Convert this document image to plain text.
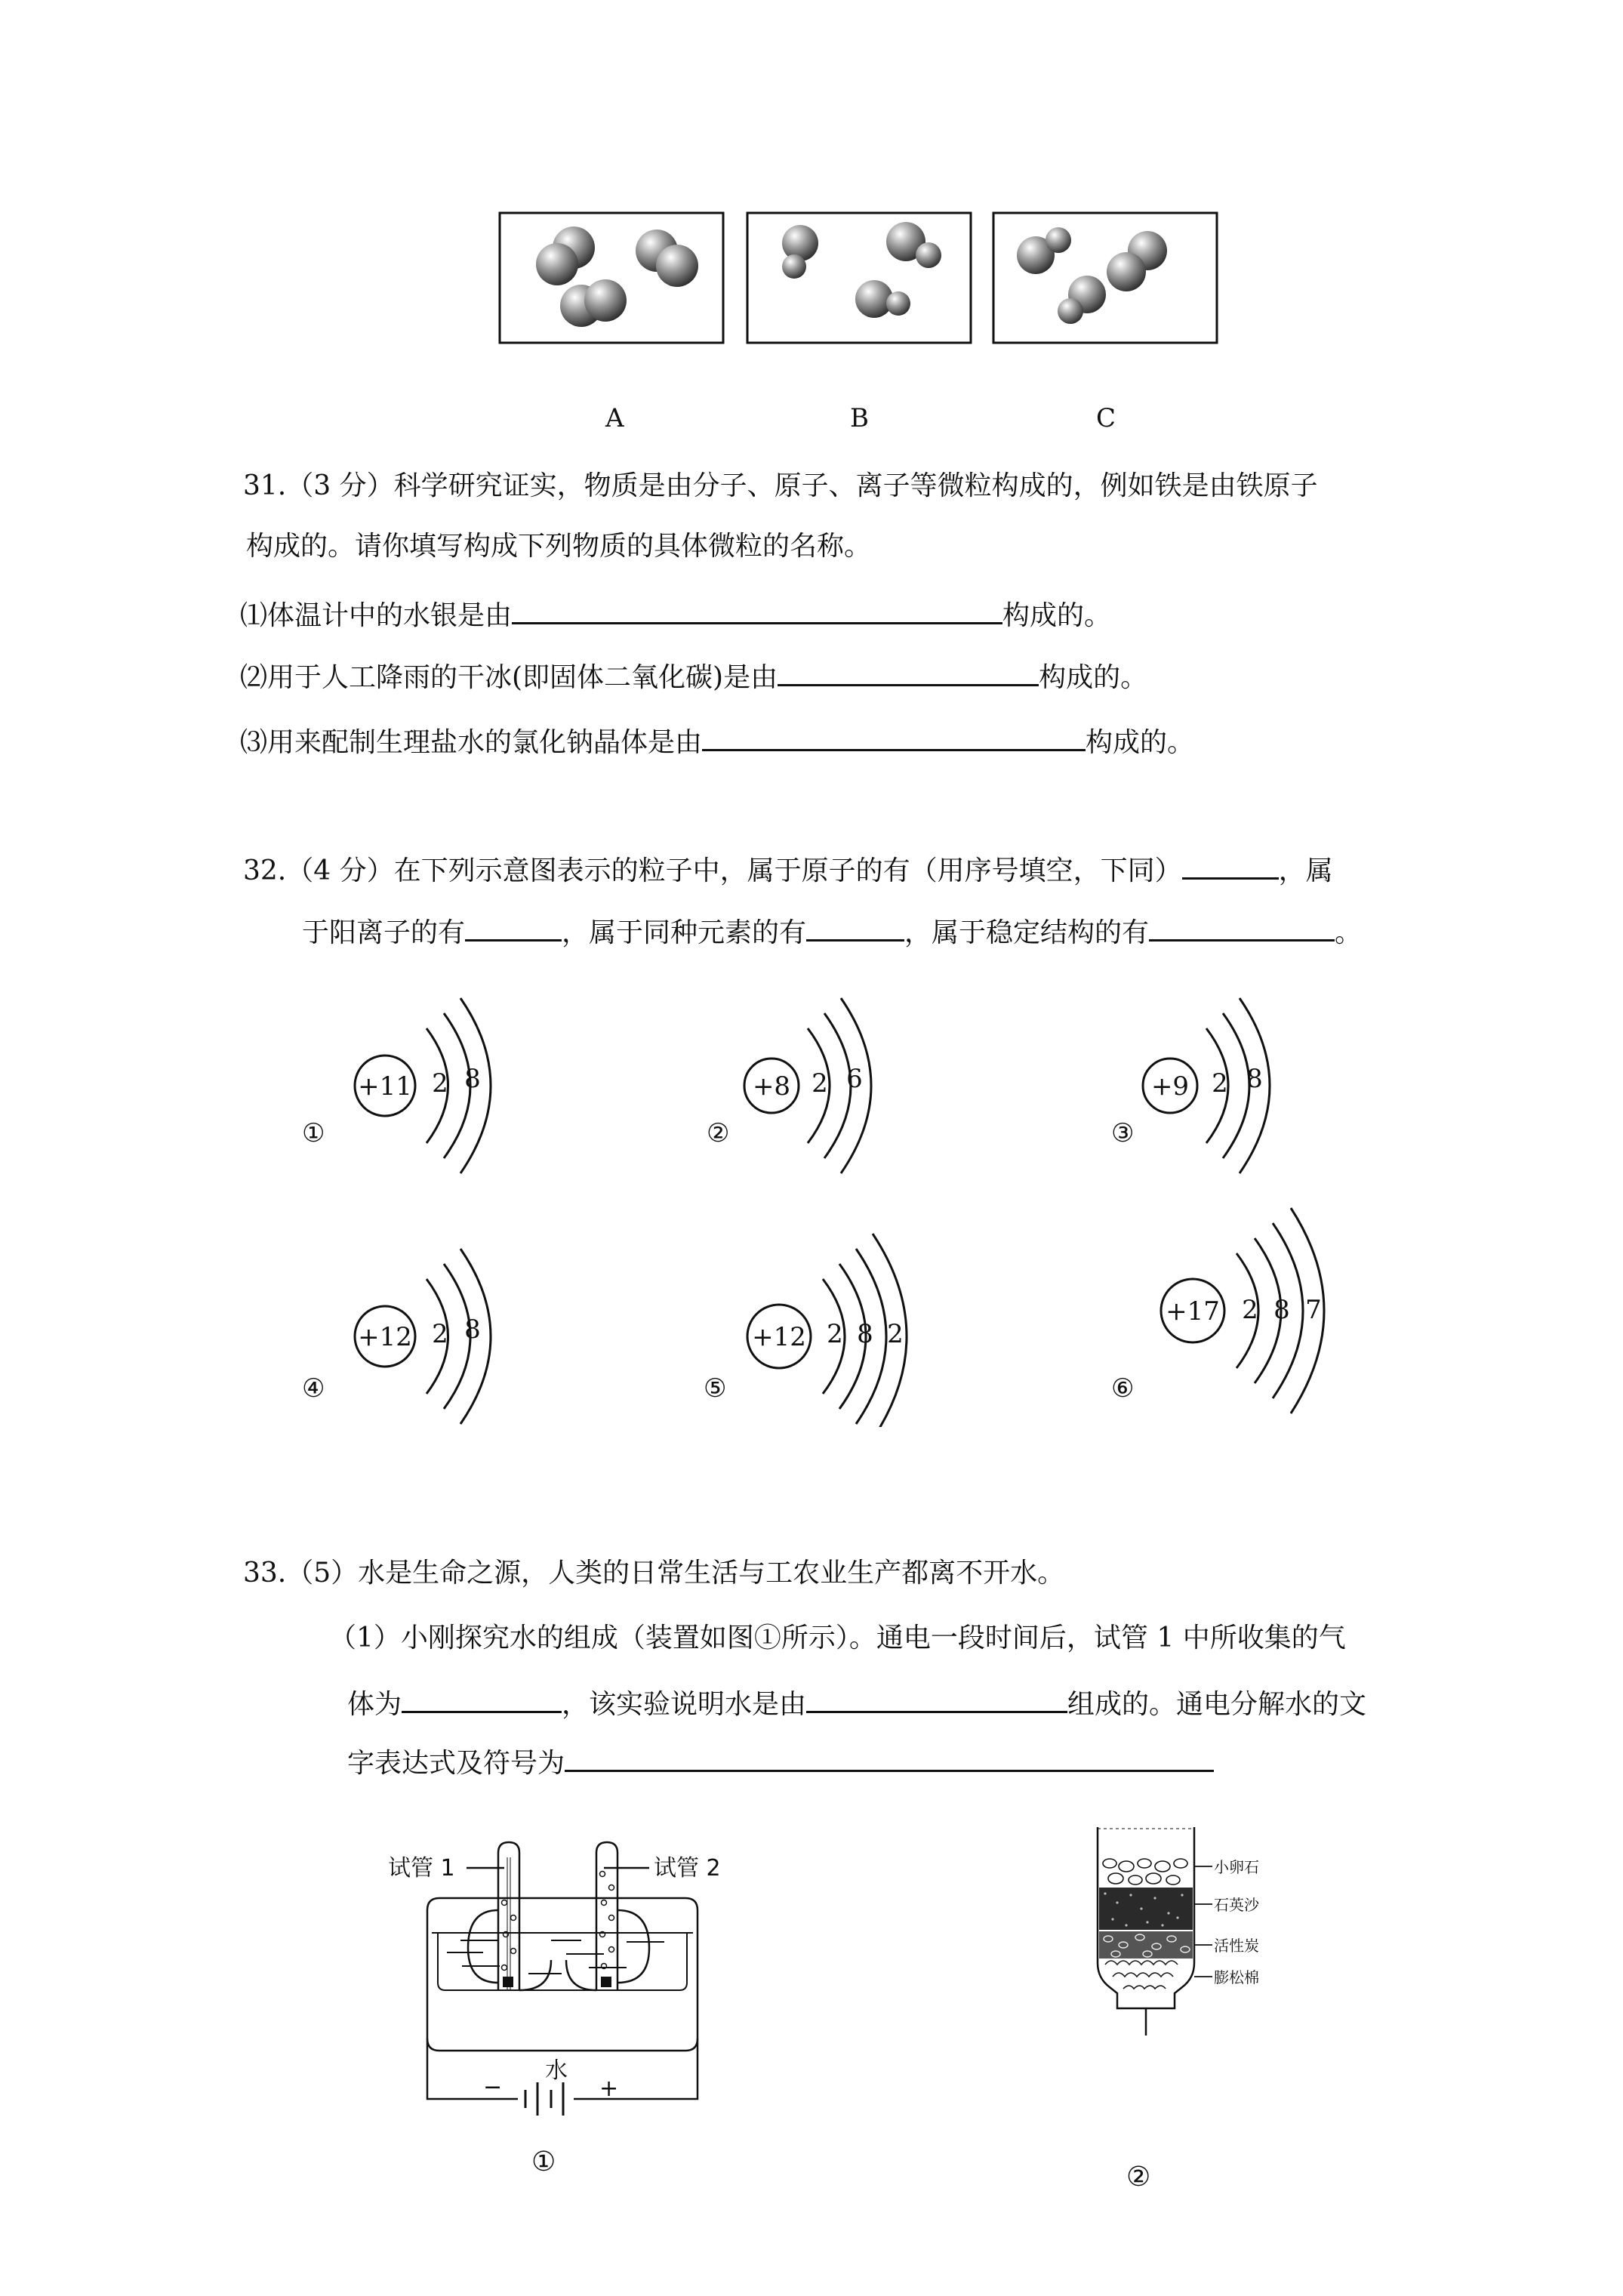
A	B	C
31.（3 分）科学研究证实，物质是由分子、原子、离子等微粒构成的，例如铁是由铁原子
构成的。请你填写构成下列物质的具体微粒的名称。
⑴体温计中的水银是由	构成的。
⑵用于人工降雨的干冰(即固体二氧化碳)是由	构成的。
⑶用来配制生理盐水的氯化钠晶体是由	构成的。
32.（4 分）在下列示意图表示的粒子中，属于原子的有（用序号填空，下同）	，属
于阳离子的有	，属于同种元素的有	，属于稳定结构的有	。
①
+11 2 8
②
+8 2 6
③
+9 2 8
④
+12 2 8
⑤
+12 2 8 2
⑥
+17 2 8 7
33.（5）水是生命之源，人类的日常生活与工农业生产都离不开水。
（1）小刚探究水的组成（装置如图①所示）。通电一段时间后，试管 1 中所收集的气
体为	，该实验说明水是由	组成的。通电分解水的文
字表达式及符号为
试管 1	试管 2
水
−	+
①
小卵石
石英沙
活性炭
膨松棉
②
